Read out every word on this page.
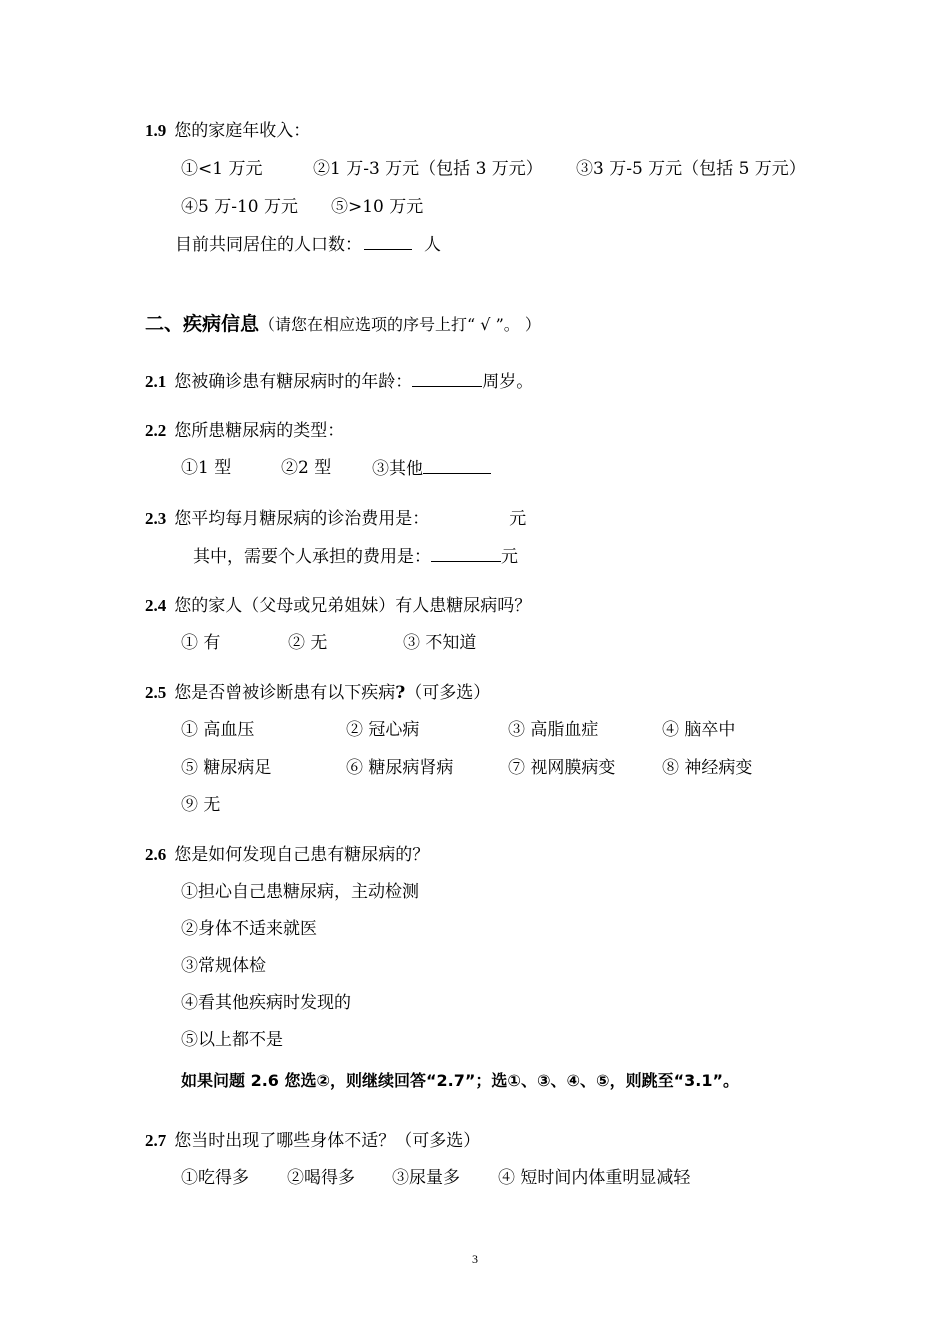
1.9 您的家庭年收入：
①<1 万元	②1 万-3 万元（包括 3 万元） ③3 万-5 万元（包括 5 万元）
④5 万-10 万元 ⑤>10 万元
目前共同居住的人口数：	人
二、疾病信息（请您在相应选项的序号上打“ √ ”。 ）
2.1 您被确诊患有糖尿病时的年龄：	周岁。
2.2 您所患糖尿病的类型：
①1 型	②2 型 ③其他
2.3 您平均每月糖尿病的诊治费用是：	元
其中，需要个人承担的费用是：	元
2.4 您的家人（父母或兄弟姐妹）有人患糖尿病吗？
① 有	② 无	③ 不知道
2.5 您是否曾被诊断患有以下疾病?（可多选）
① 高血压	② 冠心病	③ 高脂血症	④ 脑卒中
⑤ 糖尿病足	⑥ 糖尿病肾病	⑦ 视网膜病变	⑧ 神经病变
⑨ 无
2.6 您是如何发现自己患有糖尿病的？
①担心自己患糖尿病，主动检测
②身体不适来就医
③常规体检
④看其他疾病时发现的
⑤以上都不是
如果问题 2.6 您选②，则继续回答“2.7”；选①、③、④、⑤，则跳至“3.1”。
2.7 您当时出现了哪些身体不适？（可多选）
①吃得多 ②喝得多 ③尿量多 ④ 短时间内体重明显减轻
3
